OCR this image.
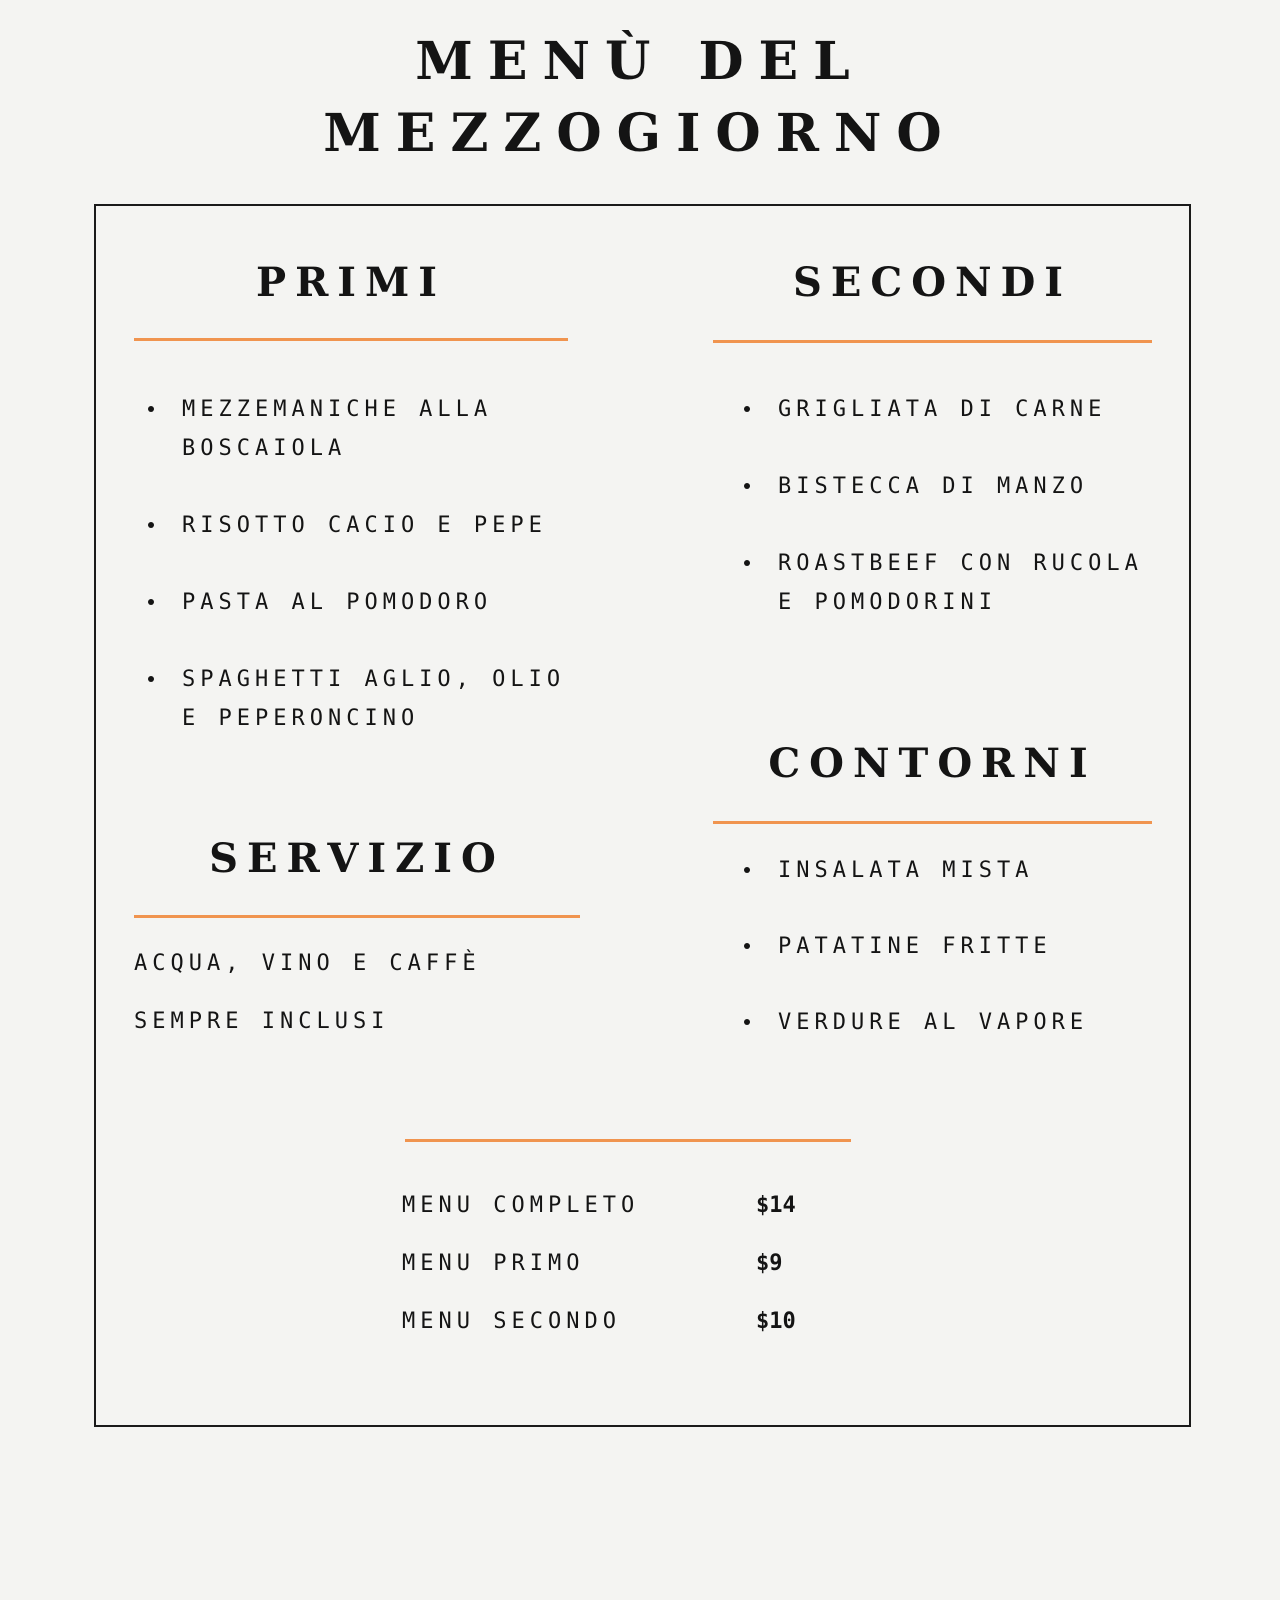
MENÙ DEL
MEZZOGIORNO
PRIMI
MEZZEMANICHE ALLA BOSCAIOLA
RISOTTO CACIO E PEPE
PASTA AL POMODORO
SPAGHETTI AGLIO, OLIO E PEPERONCINO
SECONDI
GRIGLIATA DI CARNE
BISTECCA DI MANZO
ROASTBEEF CON RUCOLA E POMODORINI
CONTORNI
INSALATA MISTA
PATATINE FRITTE
VERDURE AL VAPORE
SERVIZIO

ACQUA, VINO E CAFFÈ

SEMPRE INCLUSI

MENU COMPLETO	$14
MENU PRIMO	$9
MENU SECONDO	$10
